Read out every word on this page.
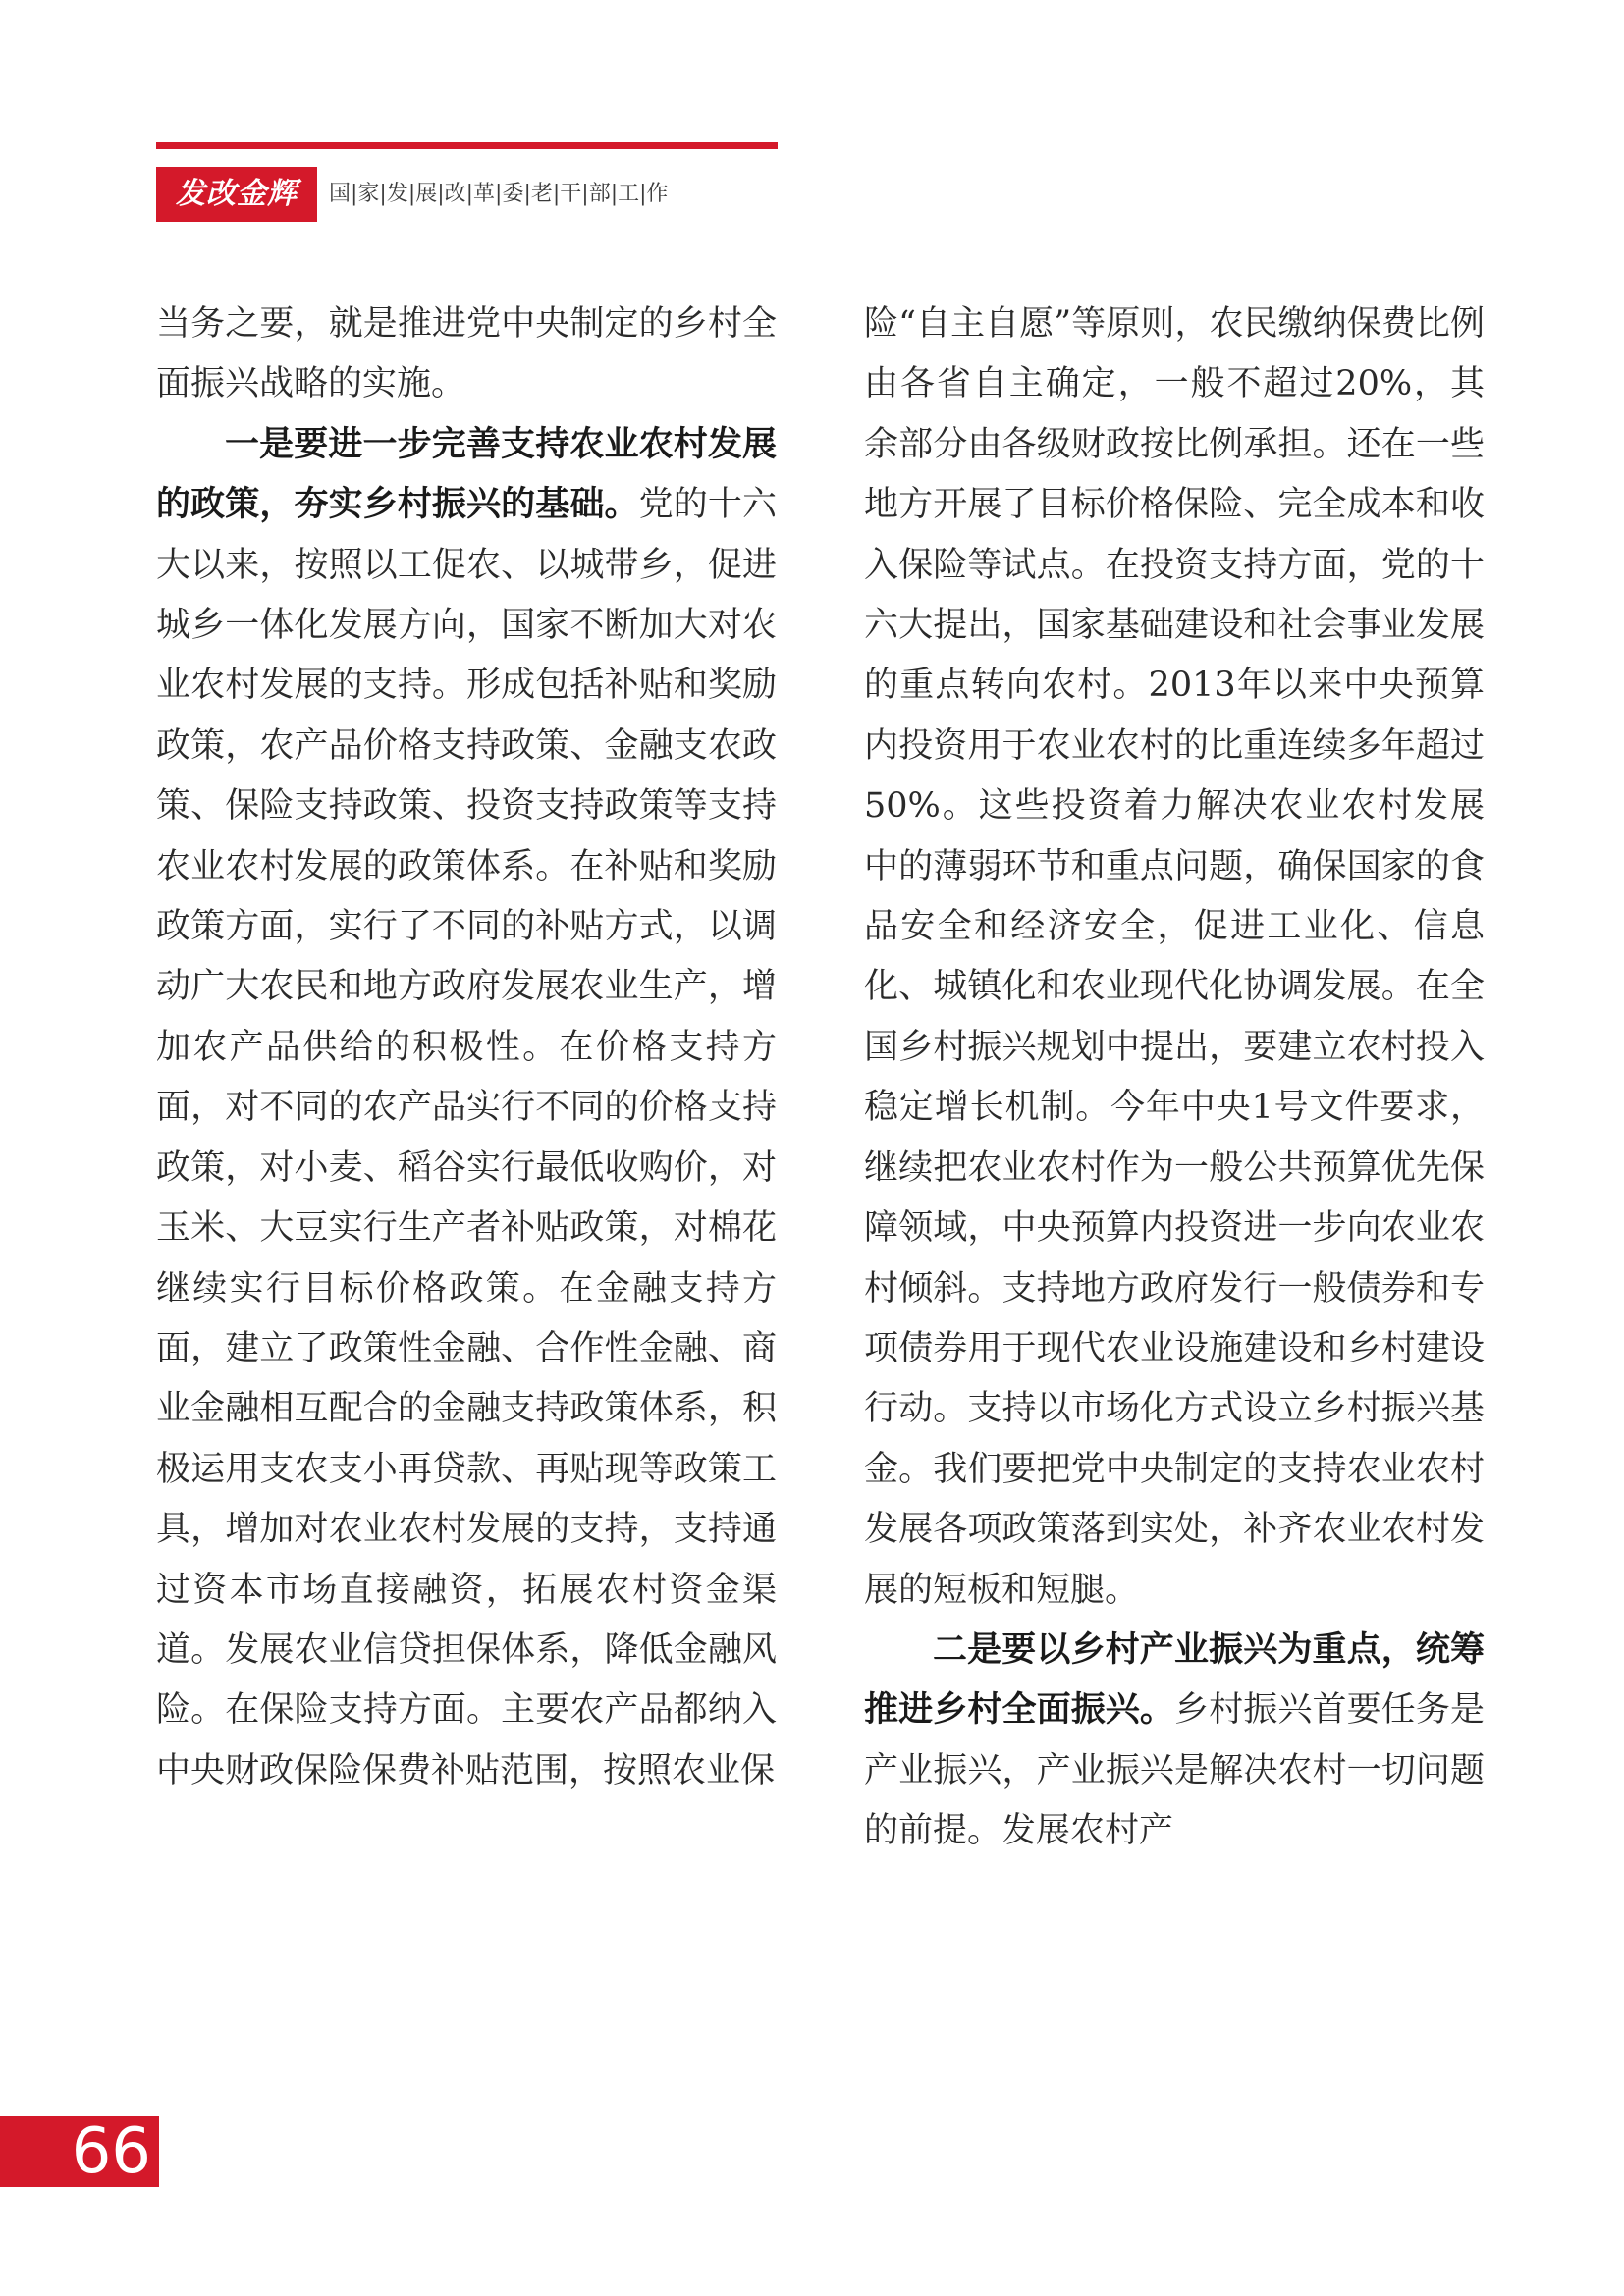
发改金辉	国|家|发|展|改|革|委|老|干|部|工|作

当务之要，就是推进党中央制定的乡村全面振兴战略的实施。

一是要进一步完善支持农业农村发展的政策，夯实乡村振兴的基础。党的十六大以来，按照以工促农、以城带乡，促进城乡一体化发展方向，国家不断加大对农业农村发展的支持。形成包括补贴和奖励政策，农产品价格支持政策、金融支农政策、保险支持政策、投资支持政策等支持农业农村发展的政策体系。在补贴和奖励政策方面，实行了不同的补贴方式，以调动广大农民和地方政府发展农业生产，增加农产品供给的积极性。在价格支持方面，对不同的农产品实行不同的价格支持政策，对小麦、稻谷实行最低收购价，对玉米、大豆实行生产者补贴政策，对棉花继续实行目标价格政策。在金融支持方面，建立了政策性金融、合作性金融、商业金融相互配合的金融支持政策体系，积极运用支农支小再贷款、再贴现等政策工具，增加对农业农村发展的支持，支持通过资本市场直接融资，拓展农村资金渠道。发展农业信贷担保体系，降低金融风险。在保险支持方面。主要农产品都纳入中央财政保险保费补贴范围，按照农业保

险“自主自愿”等原则，农民缴纳保费比例由各省自主确定，一般不超过20%，其余部分由各级财政按比例承担。还在一些地方开展了目标价格保险、完全成本和收入保险等试点。在投资支持方面，党的十六大提出，国家基础建设和社会事业发展的重点转向农村。2013年以来中央预算内投资用于农业农村的比重连续多年超过50%。这些投资着力解决农业农村发展中的薄弱环节和重点问题，确保国家的食品安全和经济安全，促进工业化、信息化、城镇化和农业现代化协调发展。在全国乡村振兴规划中提出，要建立农村投入稳定增长机制。今年中央1号文件要求，继续把农业农村作为一般公共预算优先保障领域，中央预算内投资进一步向农业农村倾斜。支持地方政府发行一般债券和专项债券用于现代农业设施建设和乡村建设行动。支持以市场化方式设立乡村振兴基金。我们要把党中央制定的支持农业农村发展各项政策落到实处，补齐农业农村发展的短板和短腿。

二是要以乡村产业振兴为重点，统筹推进乡村全面振兴。乡村振兴首要任务是产业振兴，产业振兴是解决农村一切问题的前提。发展农村产

66
